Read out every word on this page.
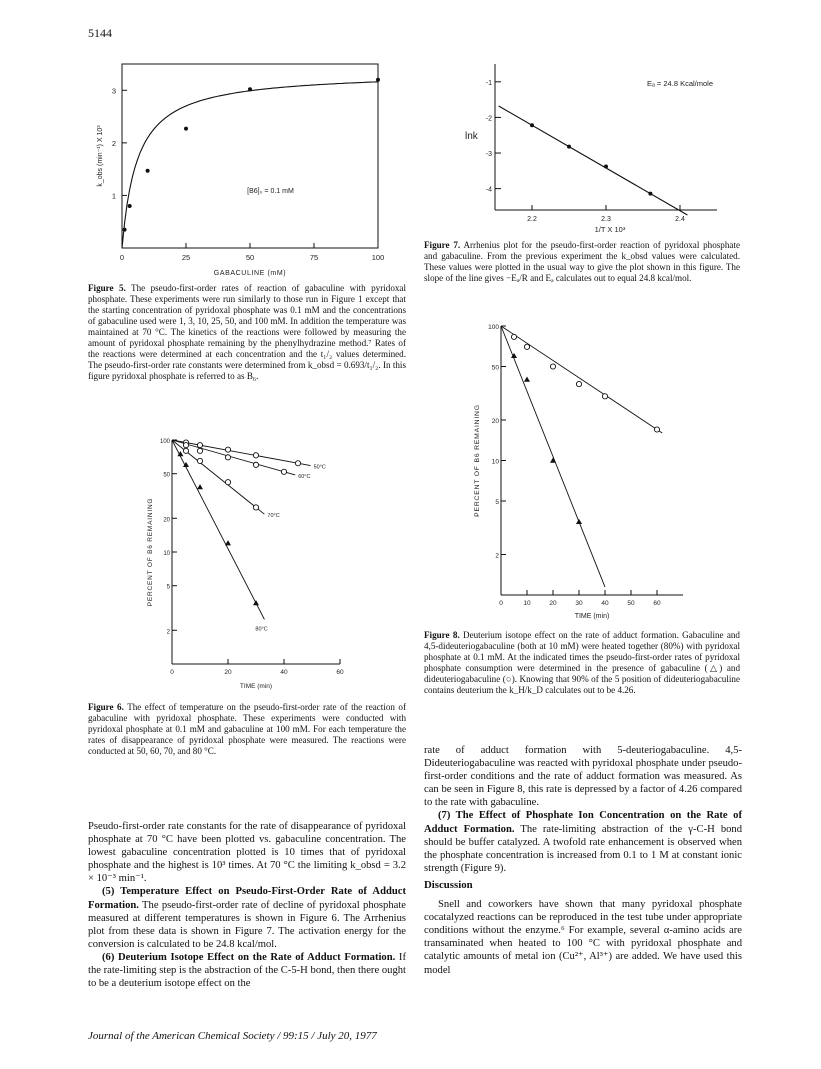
5144
0	25	50	75	100
1
2
3
GABACULINE (mM)
k_obs (min⁻¹) X 10³
[B6]₀ = 0.1 mM
Figure 5. The pseudo-first-order rates of reaction of gabaculine with pyridoxal phosphate. These experiments were run similarly to those run in Figure 1 except that the starting concentration of pyridoxal phosphate was 0.1 mM and the concentrations of gabaculine used were 1, 3, 10, 25, 50, and 100 mM. In addition the temperature was maintained at 70 °C. The kinetics of the reactions were followed by measuring the amount of pyridoxal phosphate remaining by the phenylhydrazine method.⁷ Rates of the reactions were determined at each concentration and the t₁/₂ values determined. The pseudo-first-order rate constants were determined from k_obsd = 0.693/t₁/₂. In this figure pyridoxal phosphate is referred to as B₆.
-1
-2
-3
-4
2.2	2.3	2.4
1/T X 10³
lnk
Eₐ = 24.8 Kcal/mole
Figure 7. Arrhenius plot for the pseudo-first-order reaction of pyridoxal phosphate and gabaculine. From the previous experiment the k_obsd values were calculated. These values were plotted in the usual way to give the plot shown in this figure. The slope of the line gives −Eₐ/R and Eₐ calculates out to equal 24.8 kcal/mol.
100
50
20
10
5
2
0	20	40	60
TIME (min)
PERCENT OF B6 REMAINING
50°C
60°C
70°C
80°C
Figure 6. The effect of temperature on the pseudo-first-order rate of the reaction of gabaculine with pyridoxal phosphate. These experiments were conducted with pyridoxal phosphate at 0.1 mM and gabaculine at 100 mM. For each temperature the rates of disappearance of pyridoxal phosphate were measured. The reactions were conducted at 50, 60, 70, and 80 °C.
100
50
20
10
5
2
0	10	20	30	40	50	60
TIME (min)
PERCENT OF B6 REMAINING
Figure 8. Deuterium isotope effect on the rate of adduct formation. Gabaculine and 4,5-dideuteriogabaculine (both at 10 mM) were heated together (80%) with pyridoxal phosphate at 0.1 mM. At the indicated times the pseudo-first-order rates of pyridoxal phosphate consumption were determined in the presence of gabaculine (△) and dideuteriogabaculine (○). Knowing that 90% of the 5 position of dideuteriogabaculine contains deuterium the k_H/k_D calculates out to be 4.26.

Pseudo-first-order rate constants for the rate of disappearance of pyridoxal phosphate at 70 °C have been plotted vs. gabaculine concentration. The lowest gabaculine concentration plotted is 10 times that of pyridoxal phosphate and the highest is 10³ times. At 70 °C the limiting k_obsd = 3.2 × 10⁻³ min⁻¹.

(5) Temperature Effect on Pseudo-First-Order Rate of Adduct Formation. The pseudo-first-order rate of decline of pyridoxal phosphate measured at different temperatures is shown in Figure 6. The Arrhenius plot from these data is shown in Figure 7. The activation energy for the conversion is calculated to be 24.8 kcal/mol.

(6) Deuterium Isotope Effect on the Rate of Adduct Formation. If the rate-limiting step is the abstraction of the C-5-H bond, then there ought to be a deuterium isotope effect on the

rate of adduct formation with 5-deuteriogabaculine. 4,5-Dideuteriogabaculine was reacted with pyridoxal phosphate under pseudo-first-order conditions and the rate of adduct formation was measured. As can be seen in Figure 8, this rate is depressed by a factor of 4.26 compared to the rate with gabaculine.

(7) The Effect of Phosphate Ion Concentration on the Rate of Adduct Formation. The rate-limiting abstraction of the γ-C-H bond should be buffer catalyzed. A twofold rate enhancement is observed when the phosphate concentration is increased from 0.1 to 1 M at constant ionic strength (Figure 9).

Discussion

Snell and coworkers have shown that many pyridoxal phosphate cocatalyzed reactions can be reproduced in the test tube under appropriate conditions without the enzyme.⁶ For example, several α-amino acids are transaminated when heated to 100 °C with pyridoxal phosphate and catalytic amounts of metal ion (Cu²⁺, Al³⁺) are added. We have used this model

Journal of the American Chemical Society / 99:15 / July 20, 1977
